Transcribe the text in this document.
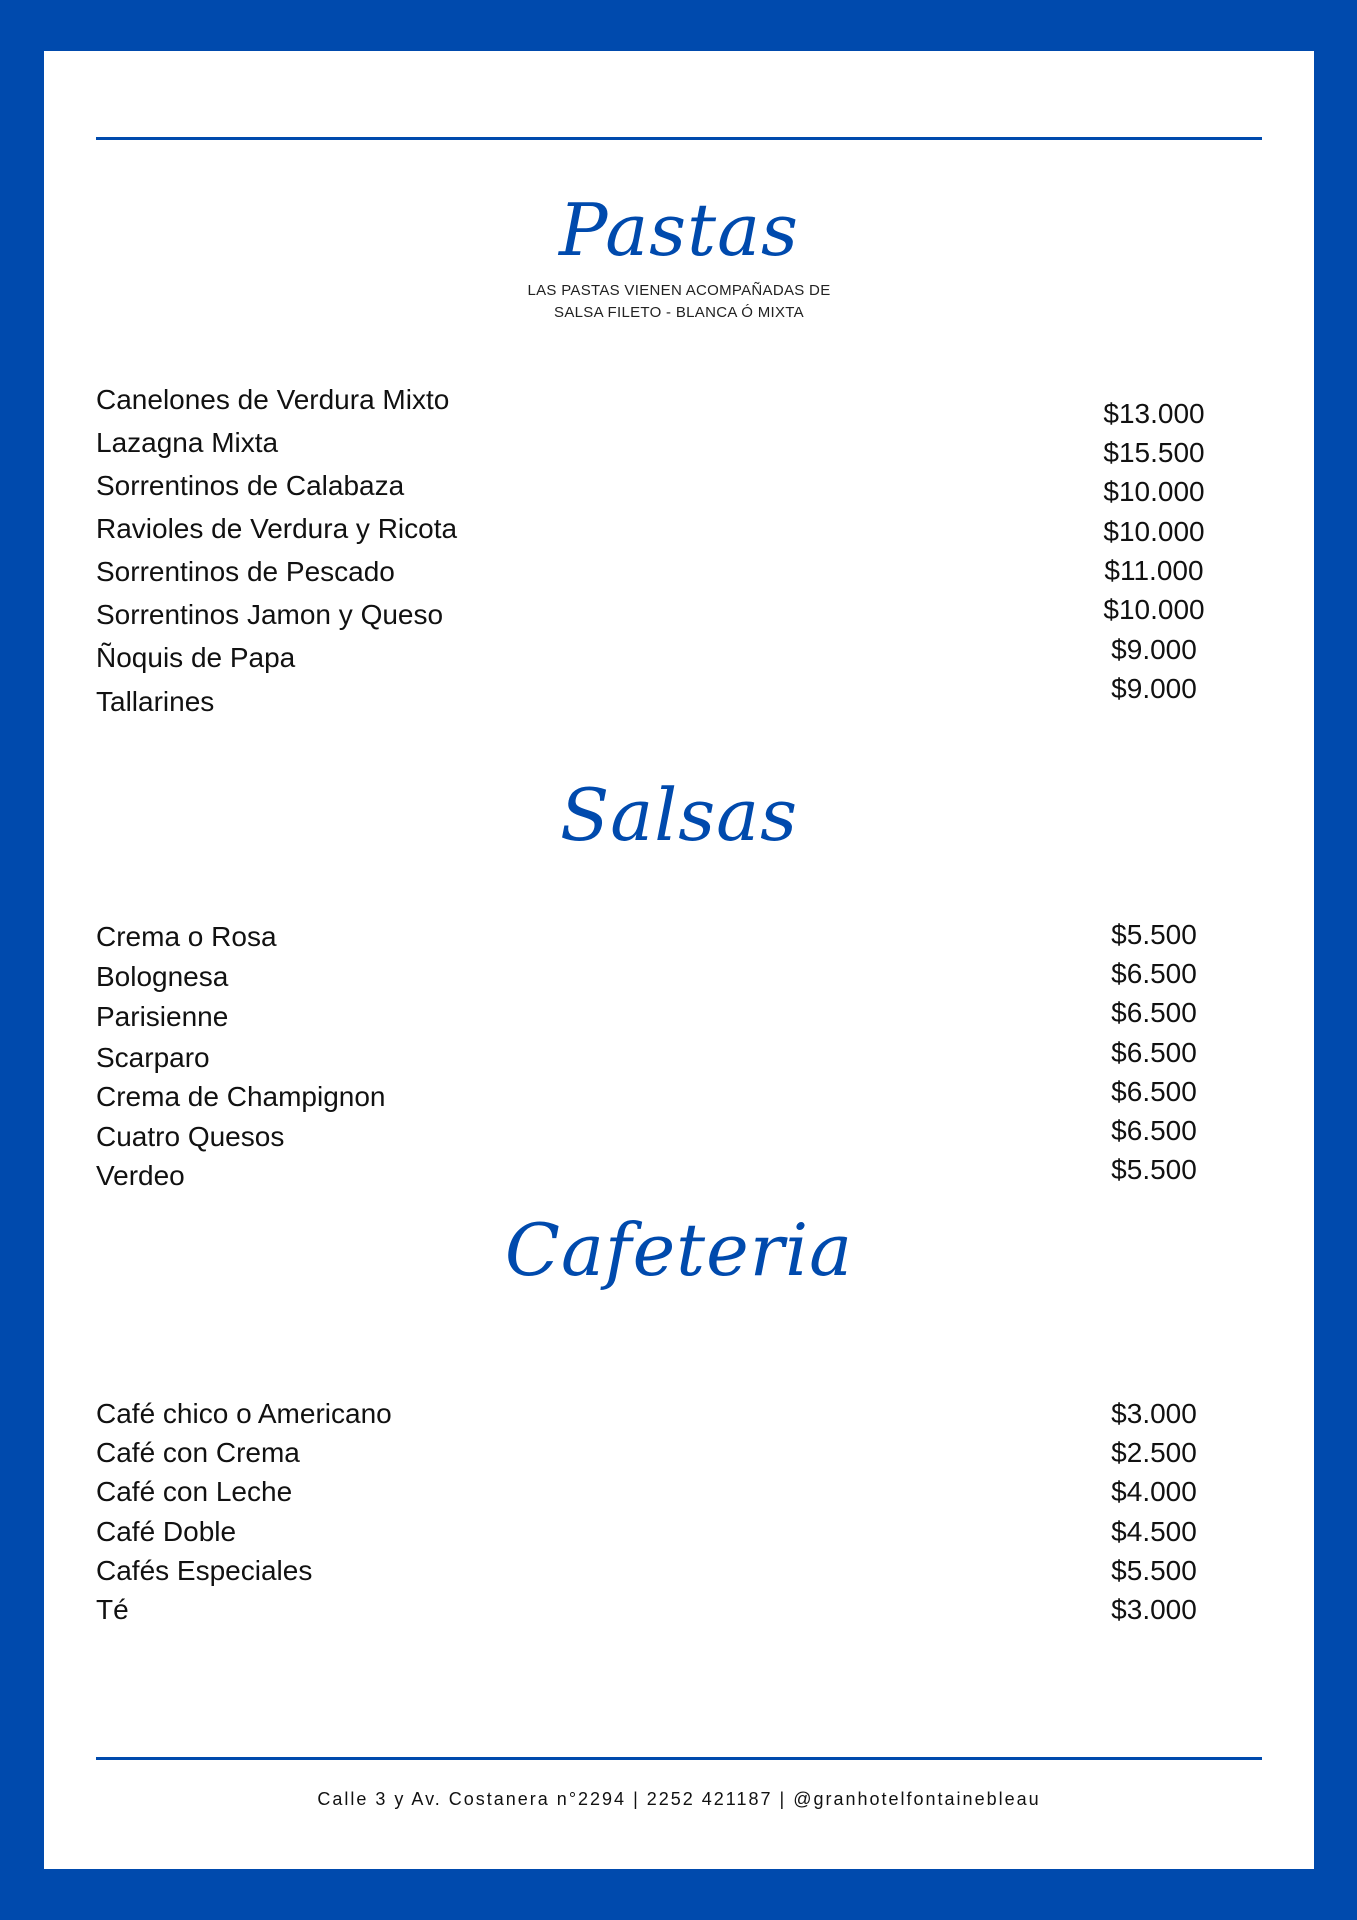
Pastas
LAS PASTAS VIENEN ACOMPAÑADAS DE
SALSA FILETO - BLANCA Ó MIXTA
Canelones de Verdura Mixto
Lazagna Mixta
Sorrentinos de Calabaza
Ravioles de Verdura y Ricota
Sorrentinos de Pescado
Sorrentinos Jamon y Queso
Ñoquis de Papa
Tallarines
$13.000
$15.500
$10.000
$10.000
$11.000
$10.000
$9.000
$9.000
Salsas
Crema o Rosa
Bolognesa
Parisienne
Scarparo
Crema de Champignon
Cuatro Quesos
Verdeo
$5.500
$6.500
$6.500
$6.500
$6.500
$6.500
$5.500
Cafeteria
Café chico o Americano
Café con Crema
Café con Leche
Café Doble
Cafés Especiales
Té
$3.000
$2.500
$4.000
$4.500
$5.500
$3.000
Calle 3 y Av. Costanera n°2294 | 2252 421187 | @granhotelfontainebleau
